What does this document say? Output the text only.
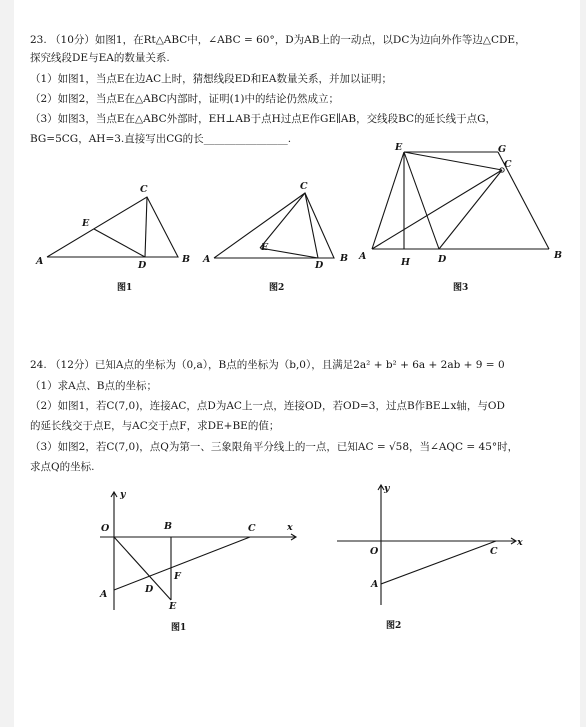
23. （10分）如图1，在Rt△ABC中，∠ABC = 60°，D为AB上的一动点，以DC为边向外作等边△CDE，
探究线段DE与EA的数量关系.
（1）如图1，当点E在边AC上时，猜想线段ED和EA数量关系，并加以证明；
（2）如图2，当点E在△ABC内部时，证明(1)中的结论仍然成立；
（3）如图3，当点E在△ABC外部时，EH⊥AB于点H过点E作GE∥AB，交线段BC的延长线于点G，
BG=5CG，AH=3.直接写出CG的长________________.
A	B
C
D
E
图1
A	B
C
D
E
图2
A	B
C
D
E	G
H
图3
24. （12分）已知A点的坐标为（0,a），B点的坐标为（b,0），且满足2a² + b² + 6a + 2ab + 9 = 0
（1）求A点、B点的坐标；
（2）如图1，若C(7,0)，连接AC，点D为AC上一点，连接OD，若OD=3，过点B作BE⊥x轴，与OD
的延长线交于点E，与AC交于点F，求DE+BE的值；
（3）如图2，若C(7,0)，点Q为第一、三象限角平分线上的一点，已知AC = √58，当∠AQC = 45°时，
求点Q的坐标.
O	B	C	x
y
A	D
F
E
图1
O	C
x
y
A
图2
